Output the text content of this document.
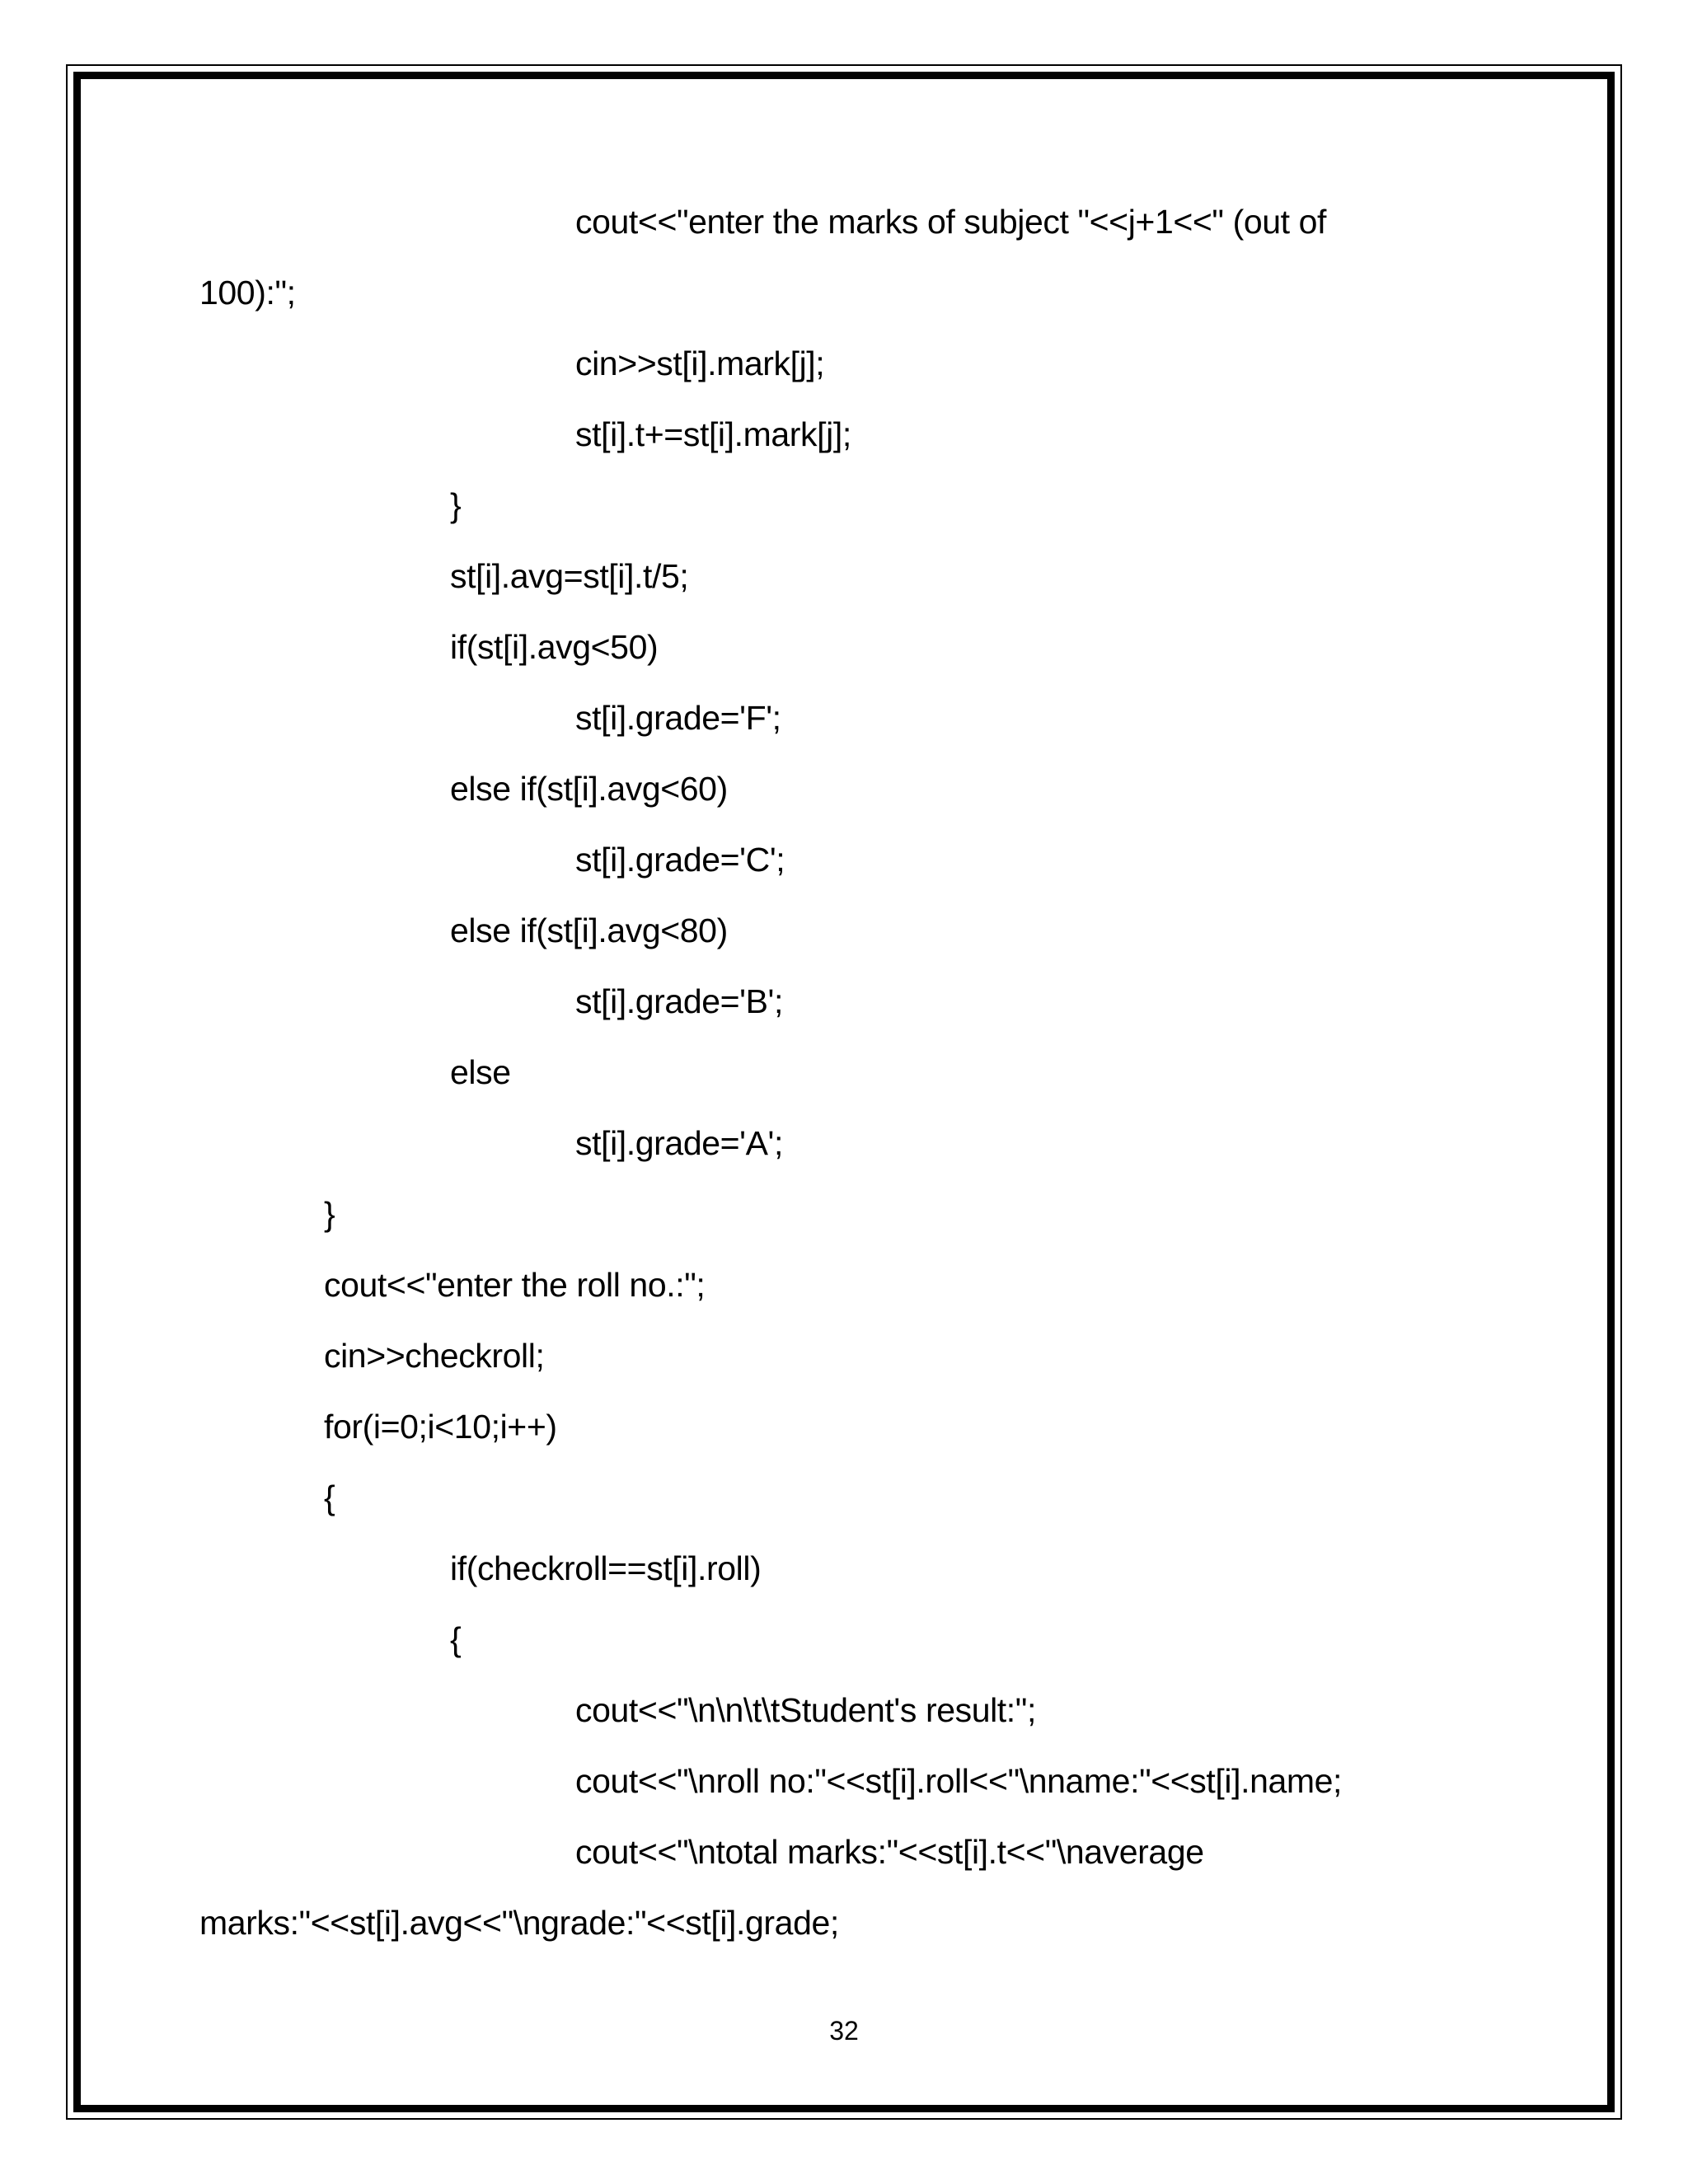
cout<<"enter the marks of subject "<<j+1<<" (out of
100):";
cin>>st[i].mark[j];
st[i].t+=st[i].mark[j];
}
st[i].avg=st[i].t/5;
if(st[i].avg<50)
st[i].grade='F';
else if(st[i].avg<60)
st[i].grade='C';
else if(st[i].avg<80)
st[i].grade='B';
else
st[i].grade='A';
}
cout<<"enter the roll no.:";
cin>>checkroll;
for(i=0;i<10;i++)
{
if(checkroll==st[i].roll)
{
cout<<"\n\n\t\tStudent's result:";
cout<<"\nroll no:"<<st[i].roll<<"\nname:"<<st[i].name;
cout<<"\ntotal marks:"<<st[i].t<<"\naverage
marks:"<<st[i].avg<<"\ngrade:"<<st[i].grade;
32
